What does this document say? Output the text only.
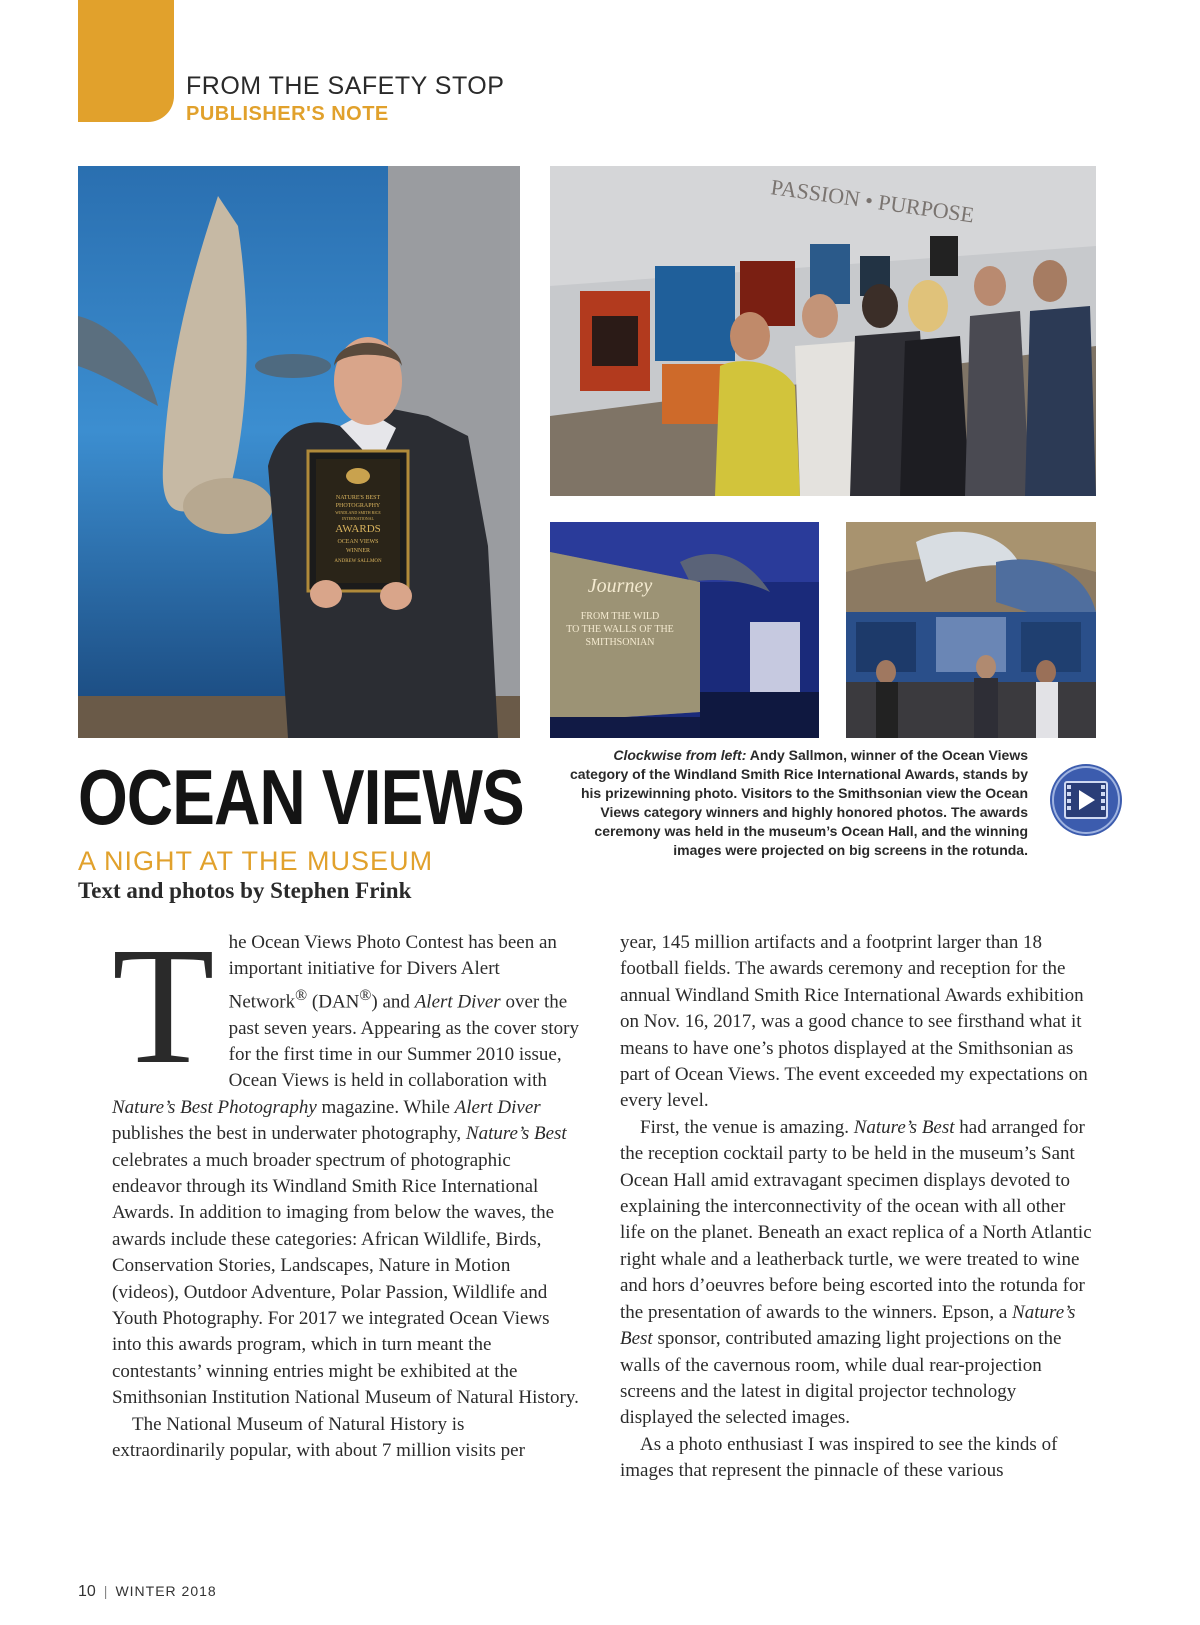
FROM THE SAFETY STOP
PUBLISHER'S NOTE
NATURE'S BEST
PHOTOGRAPHY
WINDLAND SMITH RICE
INTERNATIONAL
AWARDS
OCEAN VIEWS
WINNER
ANDREW SALLMON
PASSION • PURPOSE
Journey
FROM THE WILD
TO THE WALLS OF THE
SMITHSONIAN
OCEAN VIEWS
A NIGHT AT THE MUSEUM
Text and photos by Stephen Frink
Clockwise from left: Andy Sallmon, winner of the Ocean Views category of the Windland Smith Rice International Awards, stands by his prizewinning photo. Visitors to the Smithsonian view the Ocean Views category winners and highly honored photos. The awards ceremony was held in the museum’s Ocean Hall, and the winning images were projected on big screens in the rotunda.

The Ocean Views Photo Contest has been an important initiative for Divers Alert Network® (DAN®) and Alert Diver over the past seven years. Appearing as the cover story for the first time in our Summer 2010 issue, Ocean Views is held in collaboration with Nature’s Best Photography magazine. While Alert Diver publishes the best in underwater photography, Nature’s Best celebrates a much broader spectrum of photographic endeavor through its Windland Smith Rice International Awards. In addition to imaging from below the waves, the awards include these categories: African Wildlife, Birds, Conservation Stories, Landscapes, Nature in Motion (videos), Outdoor Adventure, Polar Passion, Wildlife and Youth Photography. For 2017 we integrated Ocean Views into this awards program, which in turn meant the contestants’ winning entries might be exhibited at the Smithsonian Institution National Museum of Natural History.

The National Museum of Natural History is extraordinarily popular, with about 7 million visits per

year, 145 million artifacts and a footprint larger than 18 football fields. The awards ceremony and reception for the annual Windland Smith Rice International Awards exhibition on Nov. 16, 2017, was a good chance to see firsthand what it means to have one’s photos displayed at the Smithsonian as part of Ocean Views. The event exceeded my expectations on every level.

First, the venue is amazing. Nature’s Best had arranged for the reception cocktail party to be held in the museum’s Sant Ocean Hall amid extravagant specimen displays devoted to explaining the interconnectivity of the ocean with all other life on the planet. Beneath an exact replica of a North Atlantic right whale and a leatherback turtle, we were treated to wine and hors d’oeuvres before being escorted into the rotunda for the presentation of awards to the winners. Epson, a Nature’s Best sponsor, contributed amazing light projections on the walls of the cavernous room, while dual rear-projection screens and the latest in digital projector technology displayed the selected images.

As a photo enthusiast I was inspired to see the kinds of images that represent the pinnacle of these various

10 | WINTER 2018
